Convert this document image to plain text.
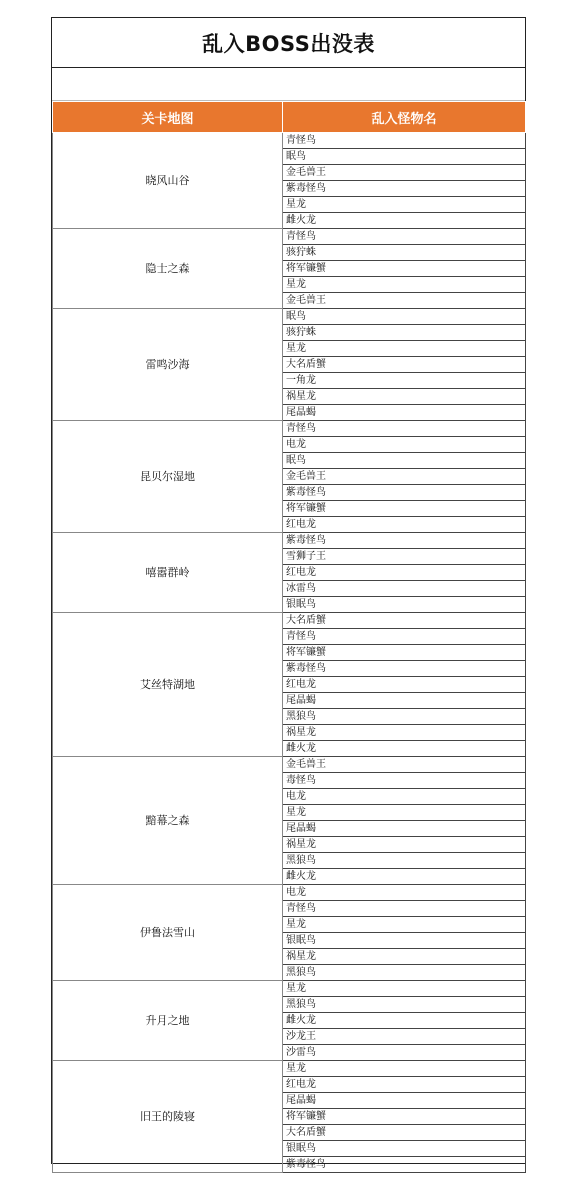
乱入BOSS出没表
关卡地图	乱入怪物名
晓风山谷	青怪鸟
	眠鸟
	金毛兽王
	紫毒怪鸟
	星龙
	雌火龙
隐士之森	青怪鸟
	骇狞蛛
	将军镰蟹
	星龙
	金毛兽王
雷鸣沙海	眠鸟
	骇狞蛛
	星龙
	大名盾蟹
	一角龙
	祸星龙
	尾晶蝎
昆贝尔湿地	青怪鸟
	电龙
	眠鸟
	金毛兽王
	紫毒怪鸟
	将军镰蟹
	红电龙
嘻嚣群岭	紫毒怪鸟
	雪狮子王
	红电龙
	冰雷鸟
	银眠鸟
艾丝特湖地	大名盾蟹
	青怪鸟
	将军镰蟹
	紫毒怪鸟
	红电龙
	尾晶蝎
	黑狼鸟
	祸星龙
	雌火龙
黯幕之森	金毛兽王
	毒怪鸟
	电龙
	星龙
	尾晶蝎
	祸星龙
	黑狼鸟
	雌火龙
伊鲁法雪山	电龙
	青怪鸟
	星龙
	银眠鸟
	祸星龙
	黑狼鸟
升月之地	星龙
	黑狼鸟
	雌火龙
	沙龙王
	沙雷鸟
旧王的陵寝	星龙
	红电龙
	尾晶蝎
	将军镰蟹
	大名盾蟹
	银眠鸟
	紫毒怪鸟
